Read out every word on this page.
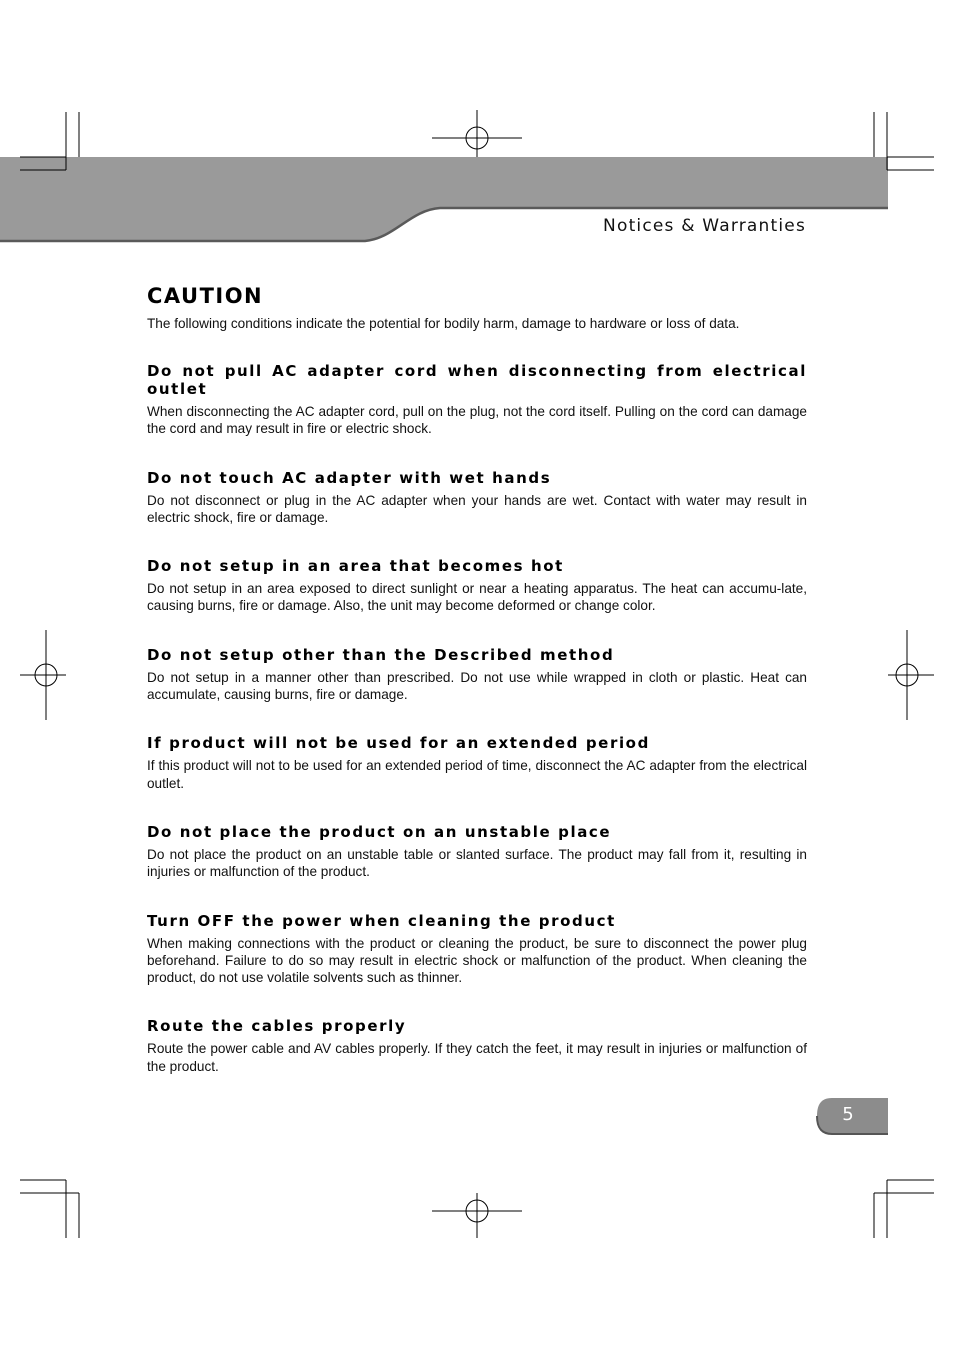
Notices & Warranties
CAUTION

The following conditions indicate the potential for bodily harm, damage to hardware or loss of data.

Do not pull AC adapter cord when disconnecting from electrical outlet

When disconnecting the AC adapter cord, pull on the plug, not the cord itself. Pulling on the cord can damage the cord and may result in fire or electric shock.

Do not touch AC adapter with wet hands

Do not disconnect or plug in the AC adapter when your hands are wet. Contact with water may result in electric shock, fire or damage.

Do not setup in an area that becomes hot

Do not setup in an area exposed to direct sunlight or near a heating apparatus. The heat can accumu-late, causing burns, fire or damage. Also, the unit may become deformed or change color.

Do not setup other than the Described method

Do not setup in a manner other than prescribed. Do not use while wrapped in cloth or plastic. Heat can accumulate, causing burns, fire or damage.

If product will not be used for an extended period

If this product will not to be used for an extended period of time, disconnect the AC adapter from the electrical outlet.

Do not place the product on an unstable place

Do not place the product on an unstable table or slanted surface. The product may fall from it, resulting in injuries or malfunction of the product.

Turn OFF the power when cleaning the product

When making connections with the product or cleaning the product, be sure to disconnect the power plug beforehand. Failure to do so may result in electric shock or malfunction of the product. When cleaning the product, do not use volatile solvents such as thinner.

Route the cables properly

Route the power cable and AV cables properly. If they catch the feet, it may result in injuries or malfunction of the product.

5
